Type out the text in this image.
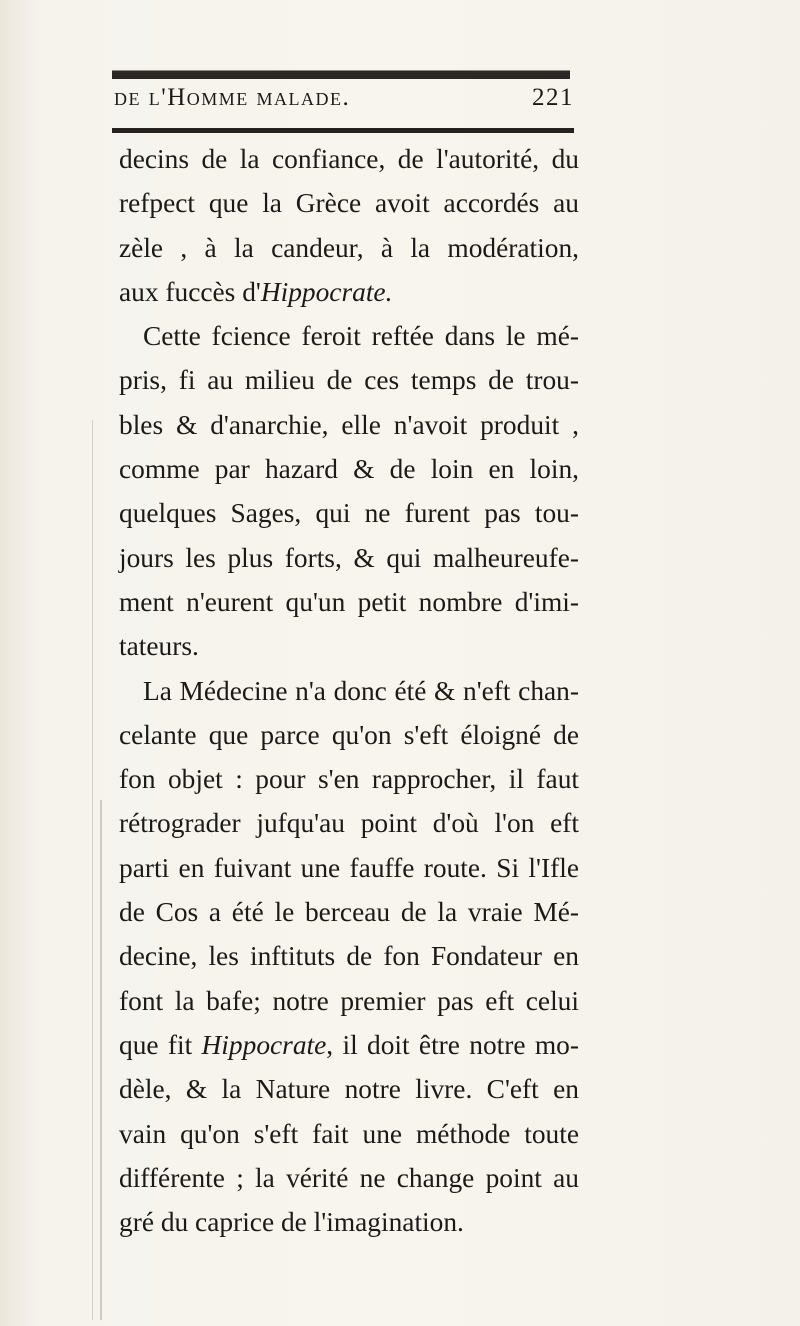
de l'Homme malade.	221
decins de la confiance, de l'autorité, du
refpect que la Grèce avoit accordés au
zèle , à la candeur, à la modération,
aux fuccès d'Hippocrate.
Cette fcience feroit reftée dans le mé-
pris, fi au milieu de ces temps de trou-
bles & d'anarchie, elle n'avoit produit ,
comme par hazard & de loin en loin,
quelques Sages, qui ne furent pas tou-
jours les plus forts, & qui malheureufe-
ment n'eurent qu'un petit nombre d'imi-
tateurs.
La Médecine n'a donc été & n'eft chan-
celante que parce qu'on s'eft éloigné de
fon objet : pour s'en rapprocher, il faut
rétrograder jufqu'au point d'où l'on eft
parti en fuivant une fauffe route. Si l'Ifle
de Cos a été le berceau de la vraie Mé-
decine, les inftituts de fon Fondateur en
font la bafe; notre premier pas eft celui
que fit Hippocrate, il doit être notre mo-
dèle, & la Nature notre livre. C'eft en
vain qu'on s'eft fait une méthode toute
différente ; la vérité ne change point au
gré du caprice de l'imagination.
